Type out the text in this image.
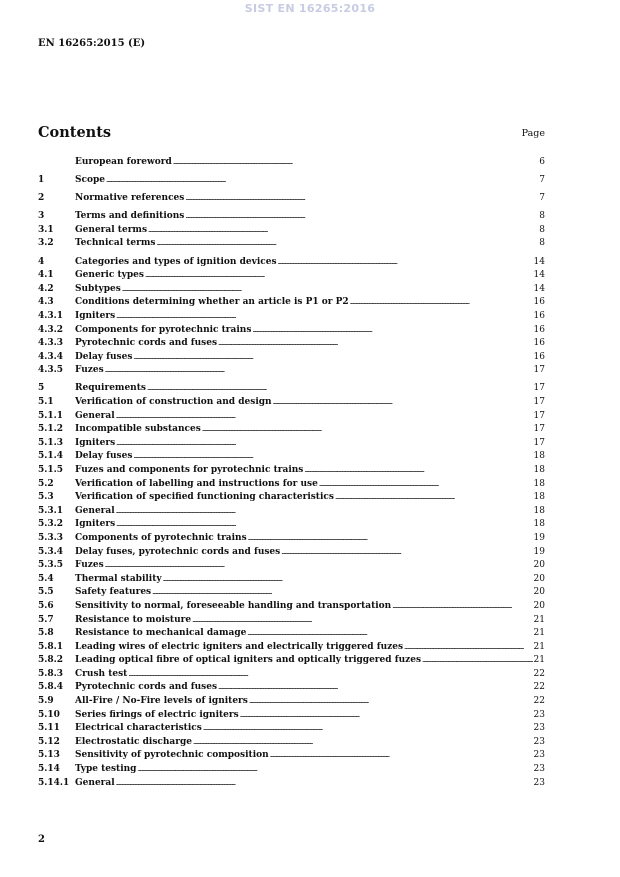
SIST EN 16265:2016
EN 16265:2015 (E)
Contents	Page
European foreword . . .	6
1	Scope . . .	7
2	Normative references . . .	7
3	Terms and definitions . . .	8
3.1	General terms . . .	8
3.2	Technical terms . . .	8
4	Categories and types of ignition devices . . .	14
4.1	Generic types . . .	14
4.2	Subtypes . . .	14
4.3	Conditions determining whether an article is P1 or P2 . . .	16
4.3.1	Igniters . . .	16
4.3.2	Components for pyrotechnic trains . . .	16
4.3.3	Pyrotechnic cords and fuses . . .	16
4.3.4	Delay fuses . . .	16
4.3.5	Fuzes . . .	17
5	Requirements . . .	17
5.1	Verification of construction and design . . .	17
5.1.1	General . . .	17
5.1.2	Incompatible substances . . .	17
5.1.3	Igniters . . .	17
5.1.4	Delay fuses . . .	18
5.1.5	Fuzes and components for pyrotechnic trains . . .	18
5.2	Verification of labelling and instructions for use . . .	18
5.3	Verification of specified functioning characteristics . . .	18
5.3.1	General . . .	18
5.3.2	Igniters . . .	18
5.3.3	Components of pyrotechnic trains . . .	19
5.3.4	Delay fuses, pyrotechnic cords and fuses . . .	19
5.3.5	Fuzes . . .	20
5.4	Thermal stability . . .	20
5.5	Safety features . . .	20
5.6	Sensitivity to normal, foreseeable handling and transportation . . .	20
5.7	Resistance to moisture . . .	21
5.8	Resistance to mechanical damage . . .	21
5.8.1	Leading wires of electric igniters and electrically triggered fuzes . . .	21
5.8.2	Leading optical fibre of optical igniters and optically triggered fuzes . . .	21
5.8.3	Crush test . . .	22
5.8.4	Pyrotechnic cords and fuses . . .	22
5.9	All-Fire / No-Fire levels of igniters . . .	22
5.10	Series firings of electric igniters . . .	23
5.11	Electrical characteristics . . .	23
5.12	Electrostatic discharge . . .	23
5.13	Sensitivity of pyrotechnic composition . . .	23
5.14	Type testing . . .	23
5.14.1 General . . .	23
2
